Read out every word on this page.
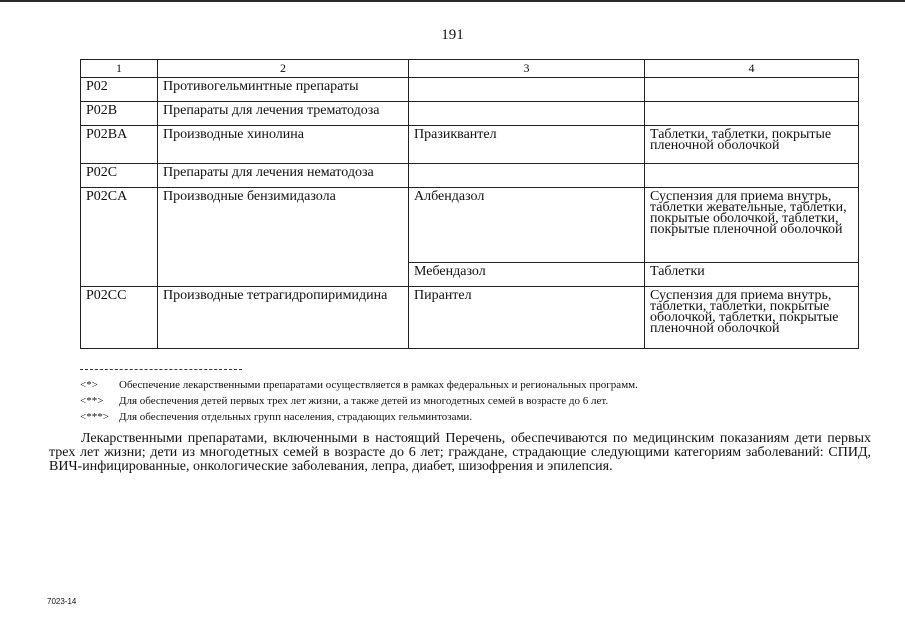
191
1	2	3	4
P02	Противогельминтные препараты		
P02B	Препараты для лечения трематодоза		
P02BA	Производные хинолина	Празиквантел	Таблетки, таблетки, покрытые пленочной оболочкой
P02C	Препараты для лечения нематодоза		
P02CA	Производные бензимидазола	Албендазол	Суспензия для приема внутрь, таблетки жевательные, таблетки, покрытые оболочкой, таблетки, покрытые пленочной оболочкой
		Мебендазол	Таблетки
P02CC	Производные тетрагидропиримидина	Пирантел	Суспензия для приема внутрь, таблетки, таблетки, покрытые оболочкой, таблетки, покрытые пленочной оболочкой
<*>	Обеспечение лекарственными препаратами осуществляется в рамках федеральных и региональных программ.
<**>	Для обеспечения детей первых трех лет жизни, а также детей из многодетных семей в возрасте до 6 лет.
<***> Для обеспечения отдельных групп населения, страдающих гельминтозами.

Лекарственными препаратами, включенными в настоящий Перечень, обеспечиваются по медицинским показаниям дети первых трех лет жизни; дети из многодетных семей в возрасте до 6 лет; граждане, страдающие следующими категориям заболеваний: СПИД, ВИЧ-инфицированные, онкологические заболевания, лепра, диабет, шизофрения и эпилепсия.

7023-14
